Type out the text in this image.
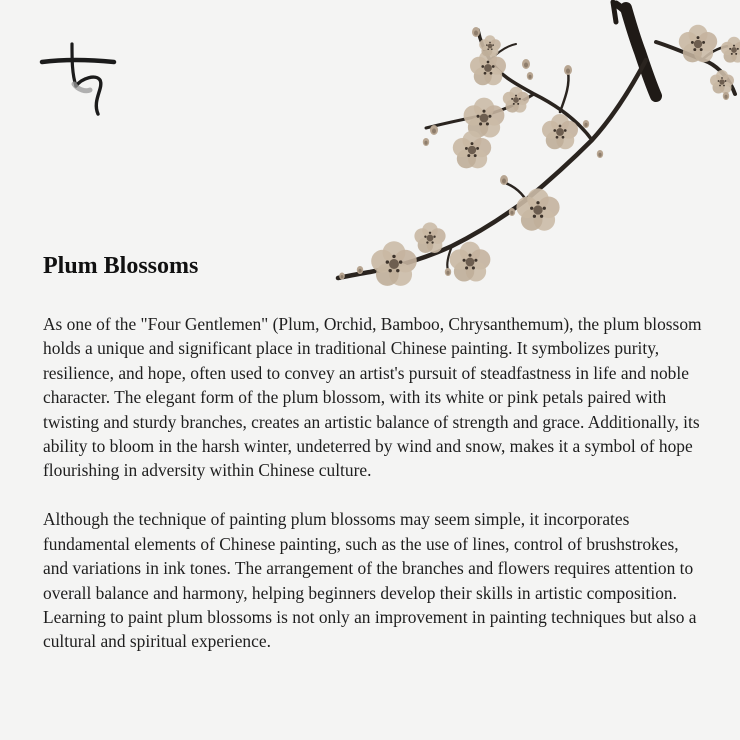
Plum Blossoms

As one of the "Four Gentlemen" (Plum, Orchid, Bamboo, Chrysanthemum), the plum blossom holds a unique and significant place in traditional Chinese painting. It symbolizes purity, resilience, and hope, often used to convey an artist's pursuit of steadfastness in life and noble character. The elegant form of the plum blossom, with its white or pink petals paired with twisting and sturdy branches, creates an artistic balance of strength and grace. Additionally, its ability to bloom in the harsh winter, undeterred by wind and snow, makes it a symbol of hope flourishing in adversity within Chinese culture.

Although the technique of painting plum blossoms may seem simple, it incorporates fundamental elements of Chinese painting, such as the use of lines, control of brushstrokes, and variations in ink tones. The arrangement of the branches and flowers requires attention to overall balance and harmony, helping beginners develop their skills in artistic composition. Learning to paint plum blossoms is not only an improvement in painting techniques but also a cultural and spiritual experience.
